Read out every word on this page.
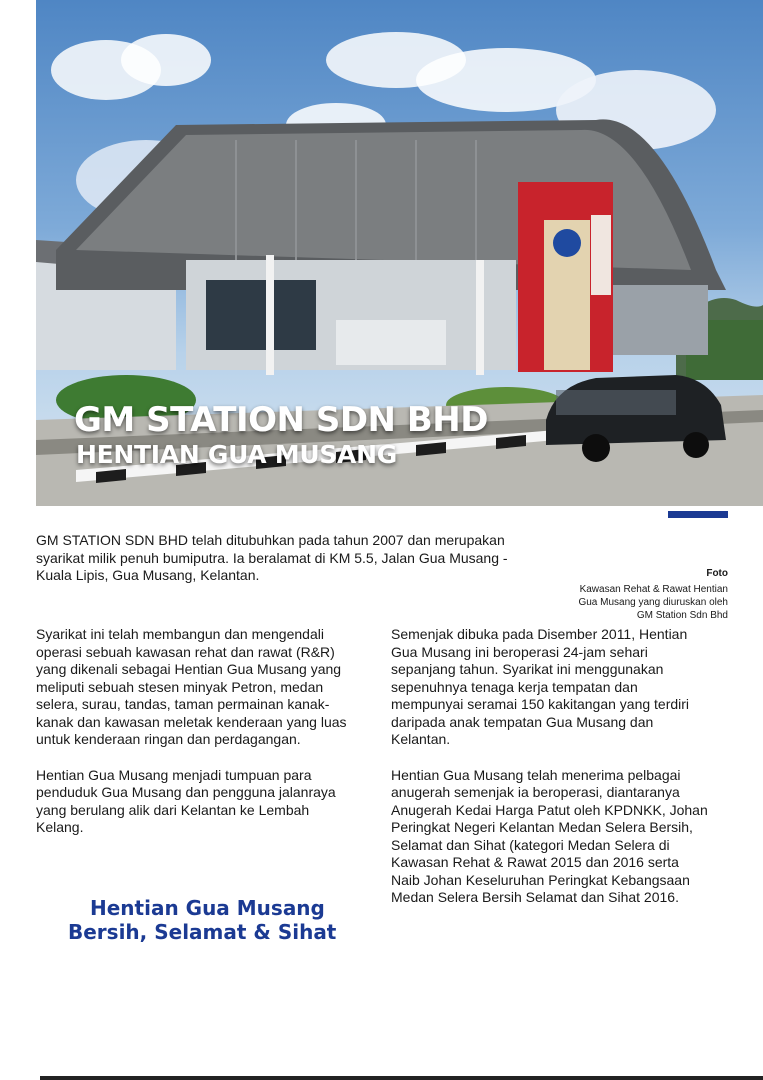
GM STATION SDN BHD
HENTIAN GUA MUSANG

GM STATION SDN BHD telah ditubuhkan pada tahun 2007 dan merupakan syarikat milik penuh bumiputra. Ia beralamat di KM 5.5, Jalan Gua Musang - Kuala Lipis, Gua Musang, Kelantan.	Foto
Kawasan Rehat & Rawat Hentian
Gua Musang yang diuruskan oleh
GM Station Sdn Bhd

Syarikat ini telah membangun dan mengendali operasi sebuah kawasan rehat dan rawat (R&R) yang dikenali sebagai Hentian Gua Musang yang meliputi sebuah stesen minyak Petron, medan selera, surau, tandas, taman permainan kanak-kanak dan kawasan meletak kenderaan yang luas untuk kenderaan ringan dan perdagangan.

Hentian Gua Musang menjadi tumpuan para penduduk Gua Musang dan pengguna jalanraya yang berulang alik dari Kelantan ke Lembah Kelang.

Semenjak dibuka pada Disember 2011, Hentian Gua Musang ini beroperasi 24-jam sehari sepanjang tahun. Syarikat ini menggunakan sepenuhnya tenaga kerja tempatan dan mempunyai seramai 150 kakitangan yang terdiri daripada anak tempatan Gua Musang dan Kelantan.

Hentian Gua Musang telah menerima pelbagai anugerah semenjak ia beroperasi, diantaranya Anugerah Kedai Harga Patut oleh KPDNKK, Johan Peringkat Negeri Kelantan Medan Selera Bersih, Selamat dan Sihat (kategori Medan Selera di Kawasan Rehat & Rawat 2015 dan 2016 serta Naib Johan Keseluruhan Peringkat Kebangsaan Medan Selera Bersih Selamat dan Sihat 2016.

Hentian Gua Musang
Bersih, Selamat & Sihat
